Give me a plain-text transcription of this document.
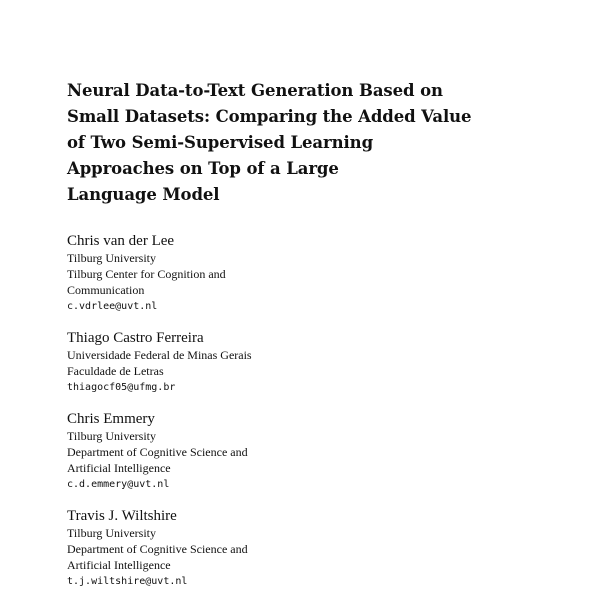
Neural Data-to-Text Generation Based on
Small Datasets: Comparing the Added Value
of Two Semi-Supervised Learning
Approaches on Top of a Large
Language Model
Chris van der Lee
Tilburg University
Tilburg Center for Cognition and
Communication
c.vdrlee@uvt.nl
Thiago Castro Ferreira
Universidade Federal de Minas Gerais
Faculdade de Letras
thiagocf05@ufmg.br
Chris Emmery
Tilburg University
Department of Cognitive Science and
Artificial Intelligence
c.d.emmery@uvt.nl
Travis J. Wiltshire
Tilburg University
Department of Cognitive Science and
Artificial Intelligence
t.j.wiltshire@uvt.nl
